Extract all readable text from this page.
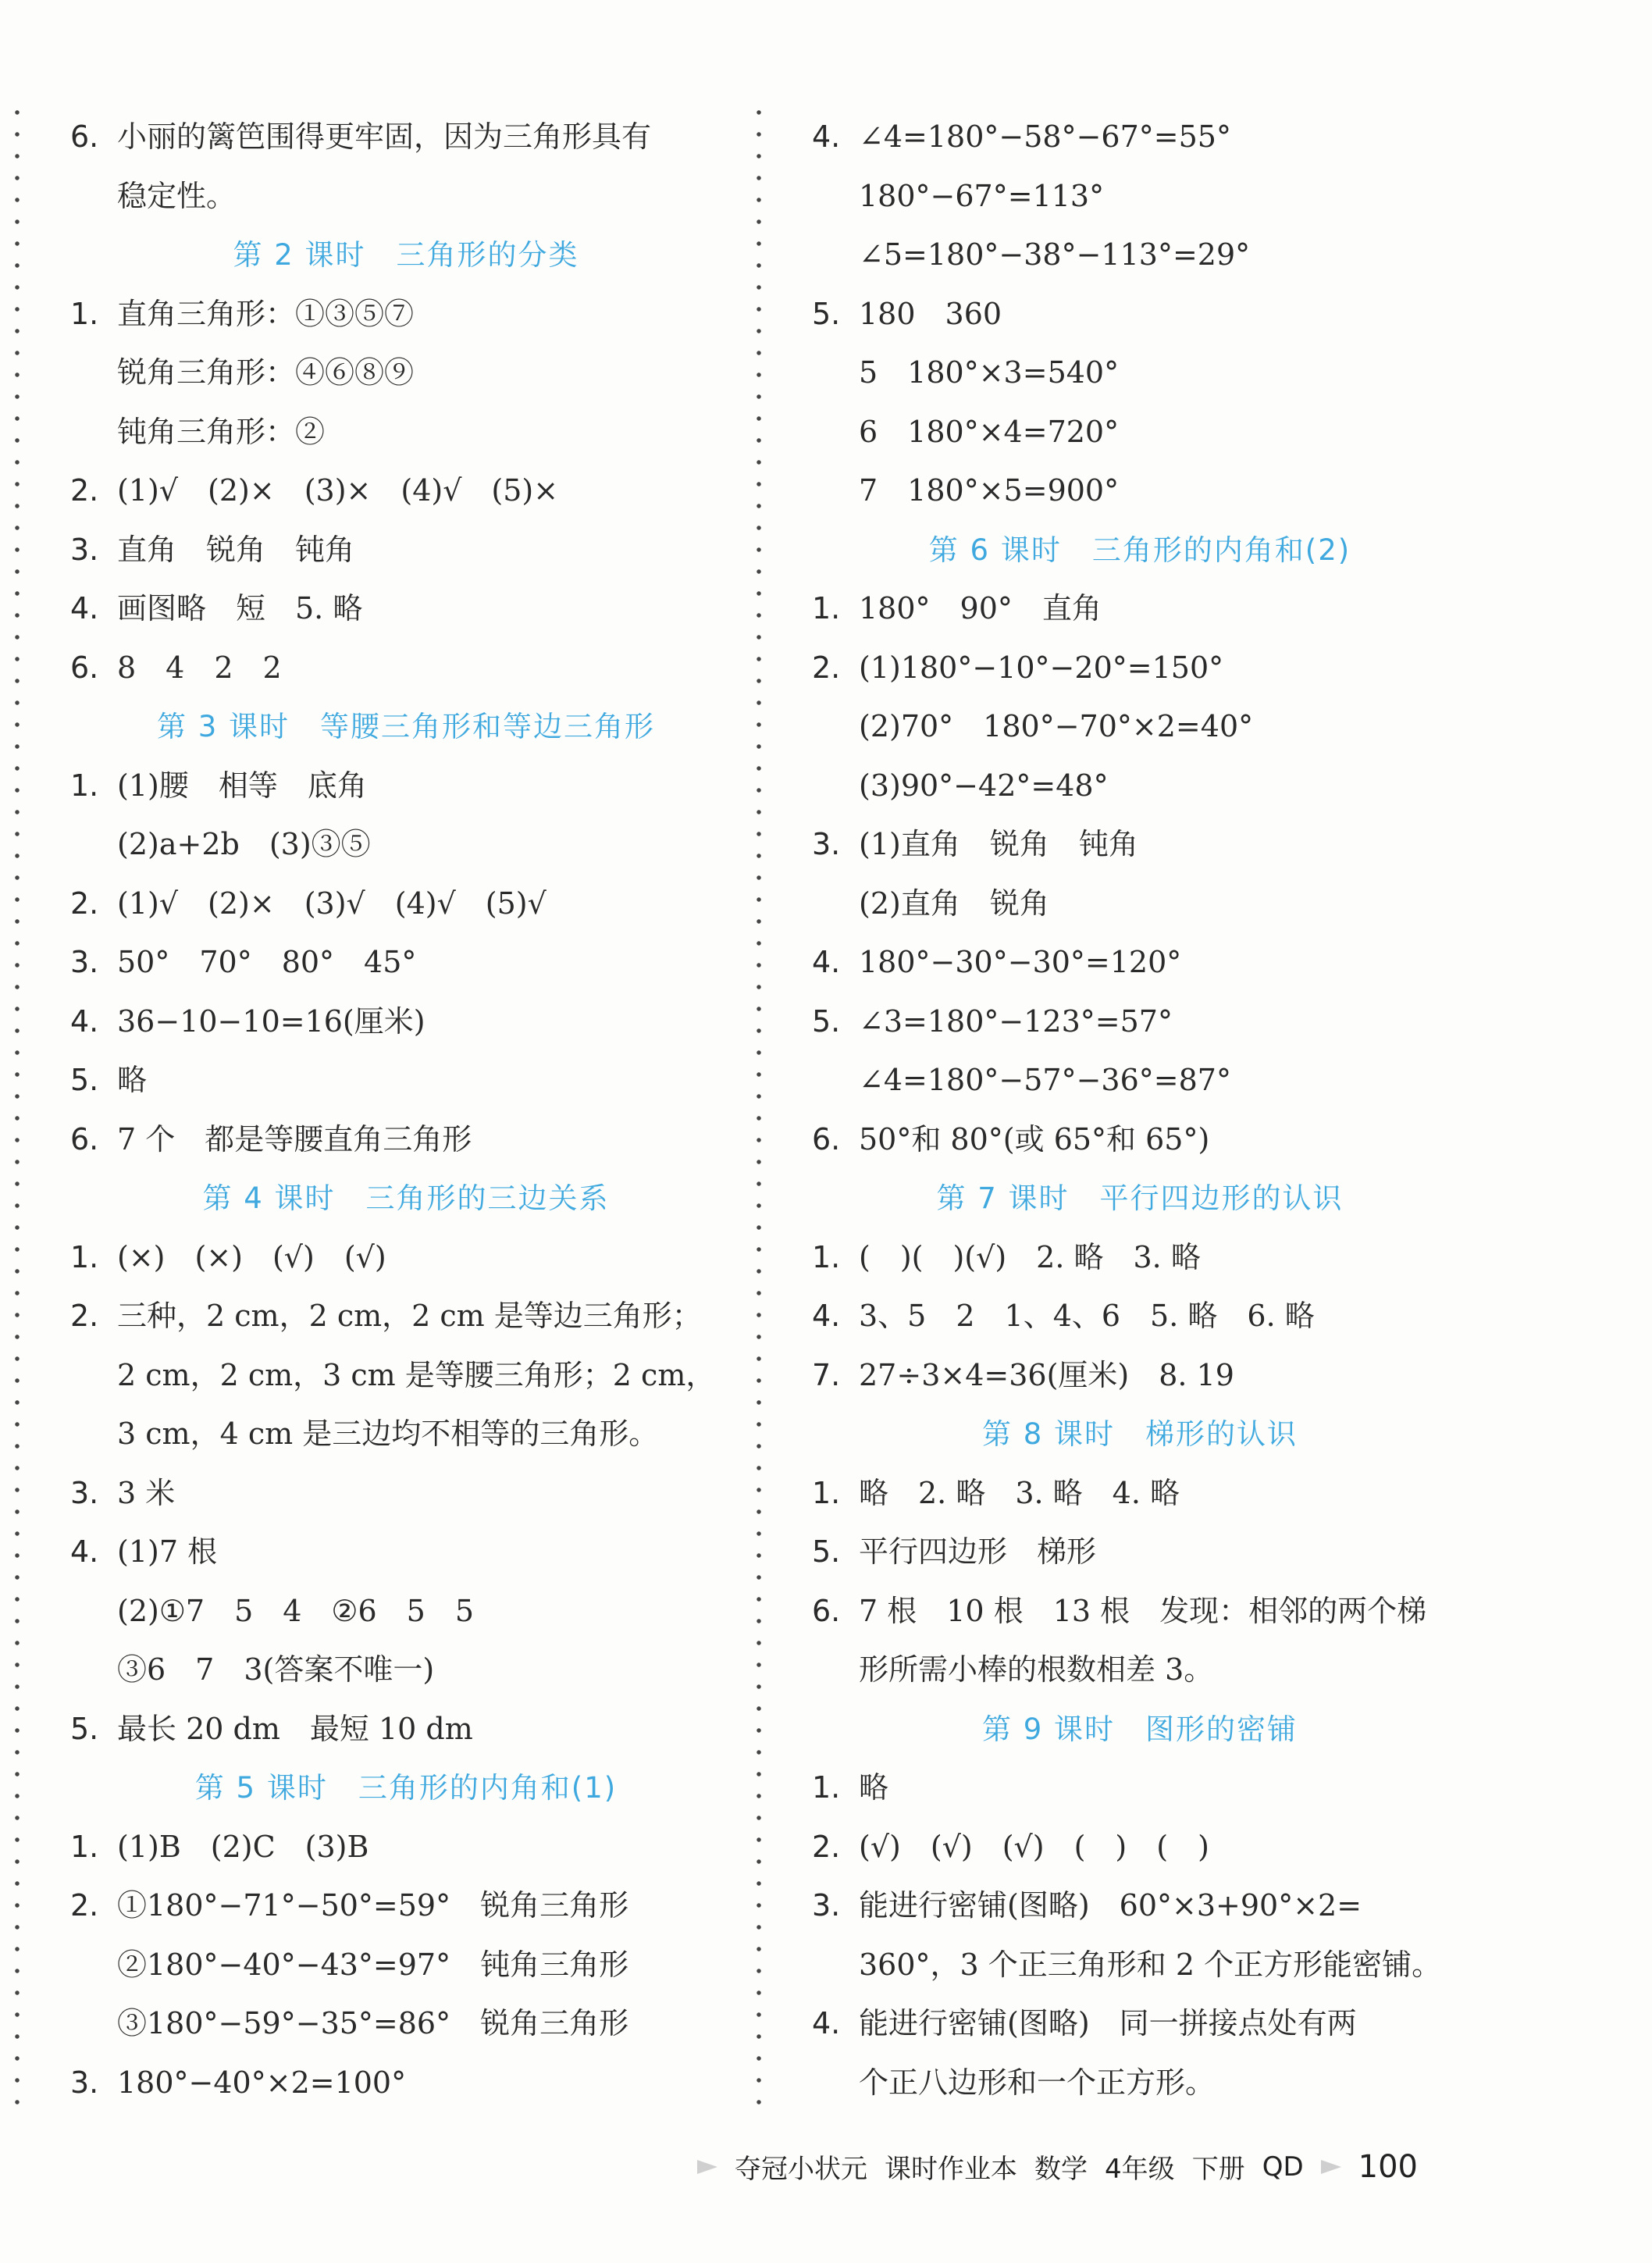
6. 小丽的篱笆围得更牢固，因为三角形具有
稳定性。
第 2 课时　三角形的分类
1. 直角三角形：①③⑤⑦
锐角三角形：④⑥⑧⑨
钝角三角形：②
2. (1)√　(2)×　(3)×　(4)√　(5)×
3. 直角　锐角　钝角
4. 画图略　短　5. 略
6. 8　4　2　2
第 3 课时　等腰三角形和等边三角形
1. (1)腰　相等　底角
(2)a+2b　(3)③⑤
2. (1)√　(2)×　(3)√　(4)√　(5)√
3. 50°　70°　80°　45°
4. 36−10−10=16(厘米)
5. 略
6. 7 个　都是等腰直角三角形
第 4 课时　三角形的三边关系
1. (×)　(×)　(√)　(√)
2. 三种，2 cm，2 cm，2 cm 是等边三角形；
2 cm，2 cm，3 cm 是等腰三角形；2 cm，
3 cm，4 cm 是三边均不相等的三角形。
3. 3 米
4. (1)7 根
(2)①7　5　4　②6　5　5
③6　7　3(答案不唯一)
5. 最长 20 dm　最短 10 dm
第 5 课时　三角形的内角和(1)
1. (1)B　(2)C　(3)B
2. ①180°−71°−50°=59°　锐角三角形
②180°−40°−43°=97°　钝角三角形
③180°−59°−35°=86°　锐角三角形
3. 180°−40°×2=100°
4. ∠4=180°−58°−67°=55°
180°−67°=113°
∠5=180°−38°−113°=29°
5. 180　360
5　180°×3=540°
6　180°×4=720°
7　180°×5=900°
第 6 课时　三角形的内角和(2)
1. 180°　90°　直角
2. (1)180°−10°−20°=150°
(2)70°　180°−70°×2=40°
(3)90°−42°=48°
3. (1)直角　锐角　钝角
(2)直角　锐角
4. 180°−30°−30°=120°
5. ∠3=180°−123°=57°
∠4=180°−57°−36°=87°
6. 50°和 80°(或 65°和 65°)
第 7 课时　平行四边形的认识
1. (　)(　)(√)　2. 略　3. 略
4. 3、5　2　1、4、6　5. 略　6. 略
7. 27÷3×4=36(厘米)　8. 19
第 8 课时　梯形的认识
1. 略　2. 略　3. 略　4. 略
5. 平行四边形　梯形
6. 7 根　10 根　13 根　发现：相邻的两个梯
形所需小棒的根数相差 3。
第 9 课时　图形的密铺
1. 略
2. (√)　(√)　(√)　(　)　(　)
3. 能进行密铺(图略)　60°×3+90°×2=
360°，3 个正三角形和 2 个正方形能密铺。
4. 能进行密铺(图略)　同一拼接点处有两
个正八边形和一个正方形。
夺冠小状元 课时作业本 数学 4年级 下册 QD 100
